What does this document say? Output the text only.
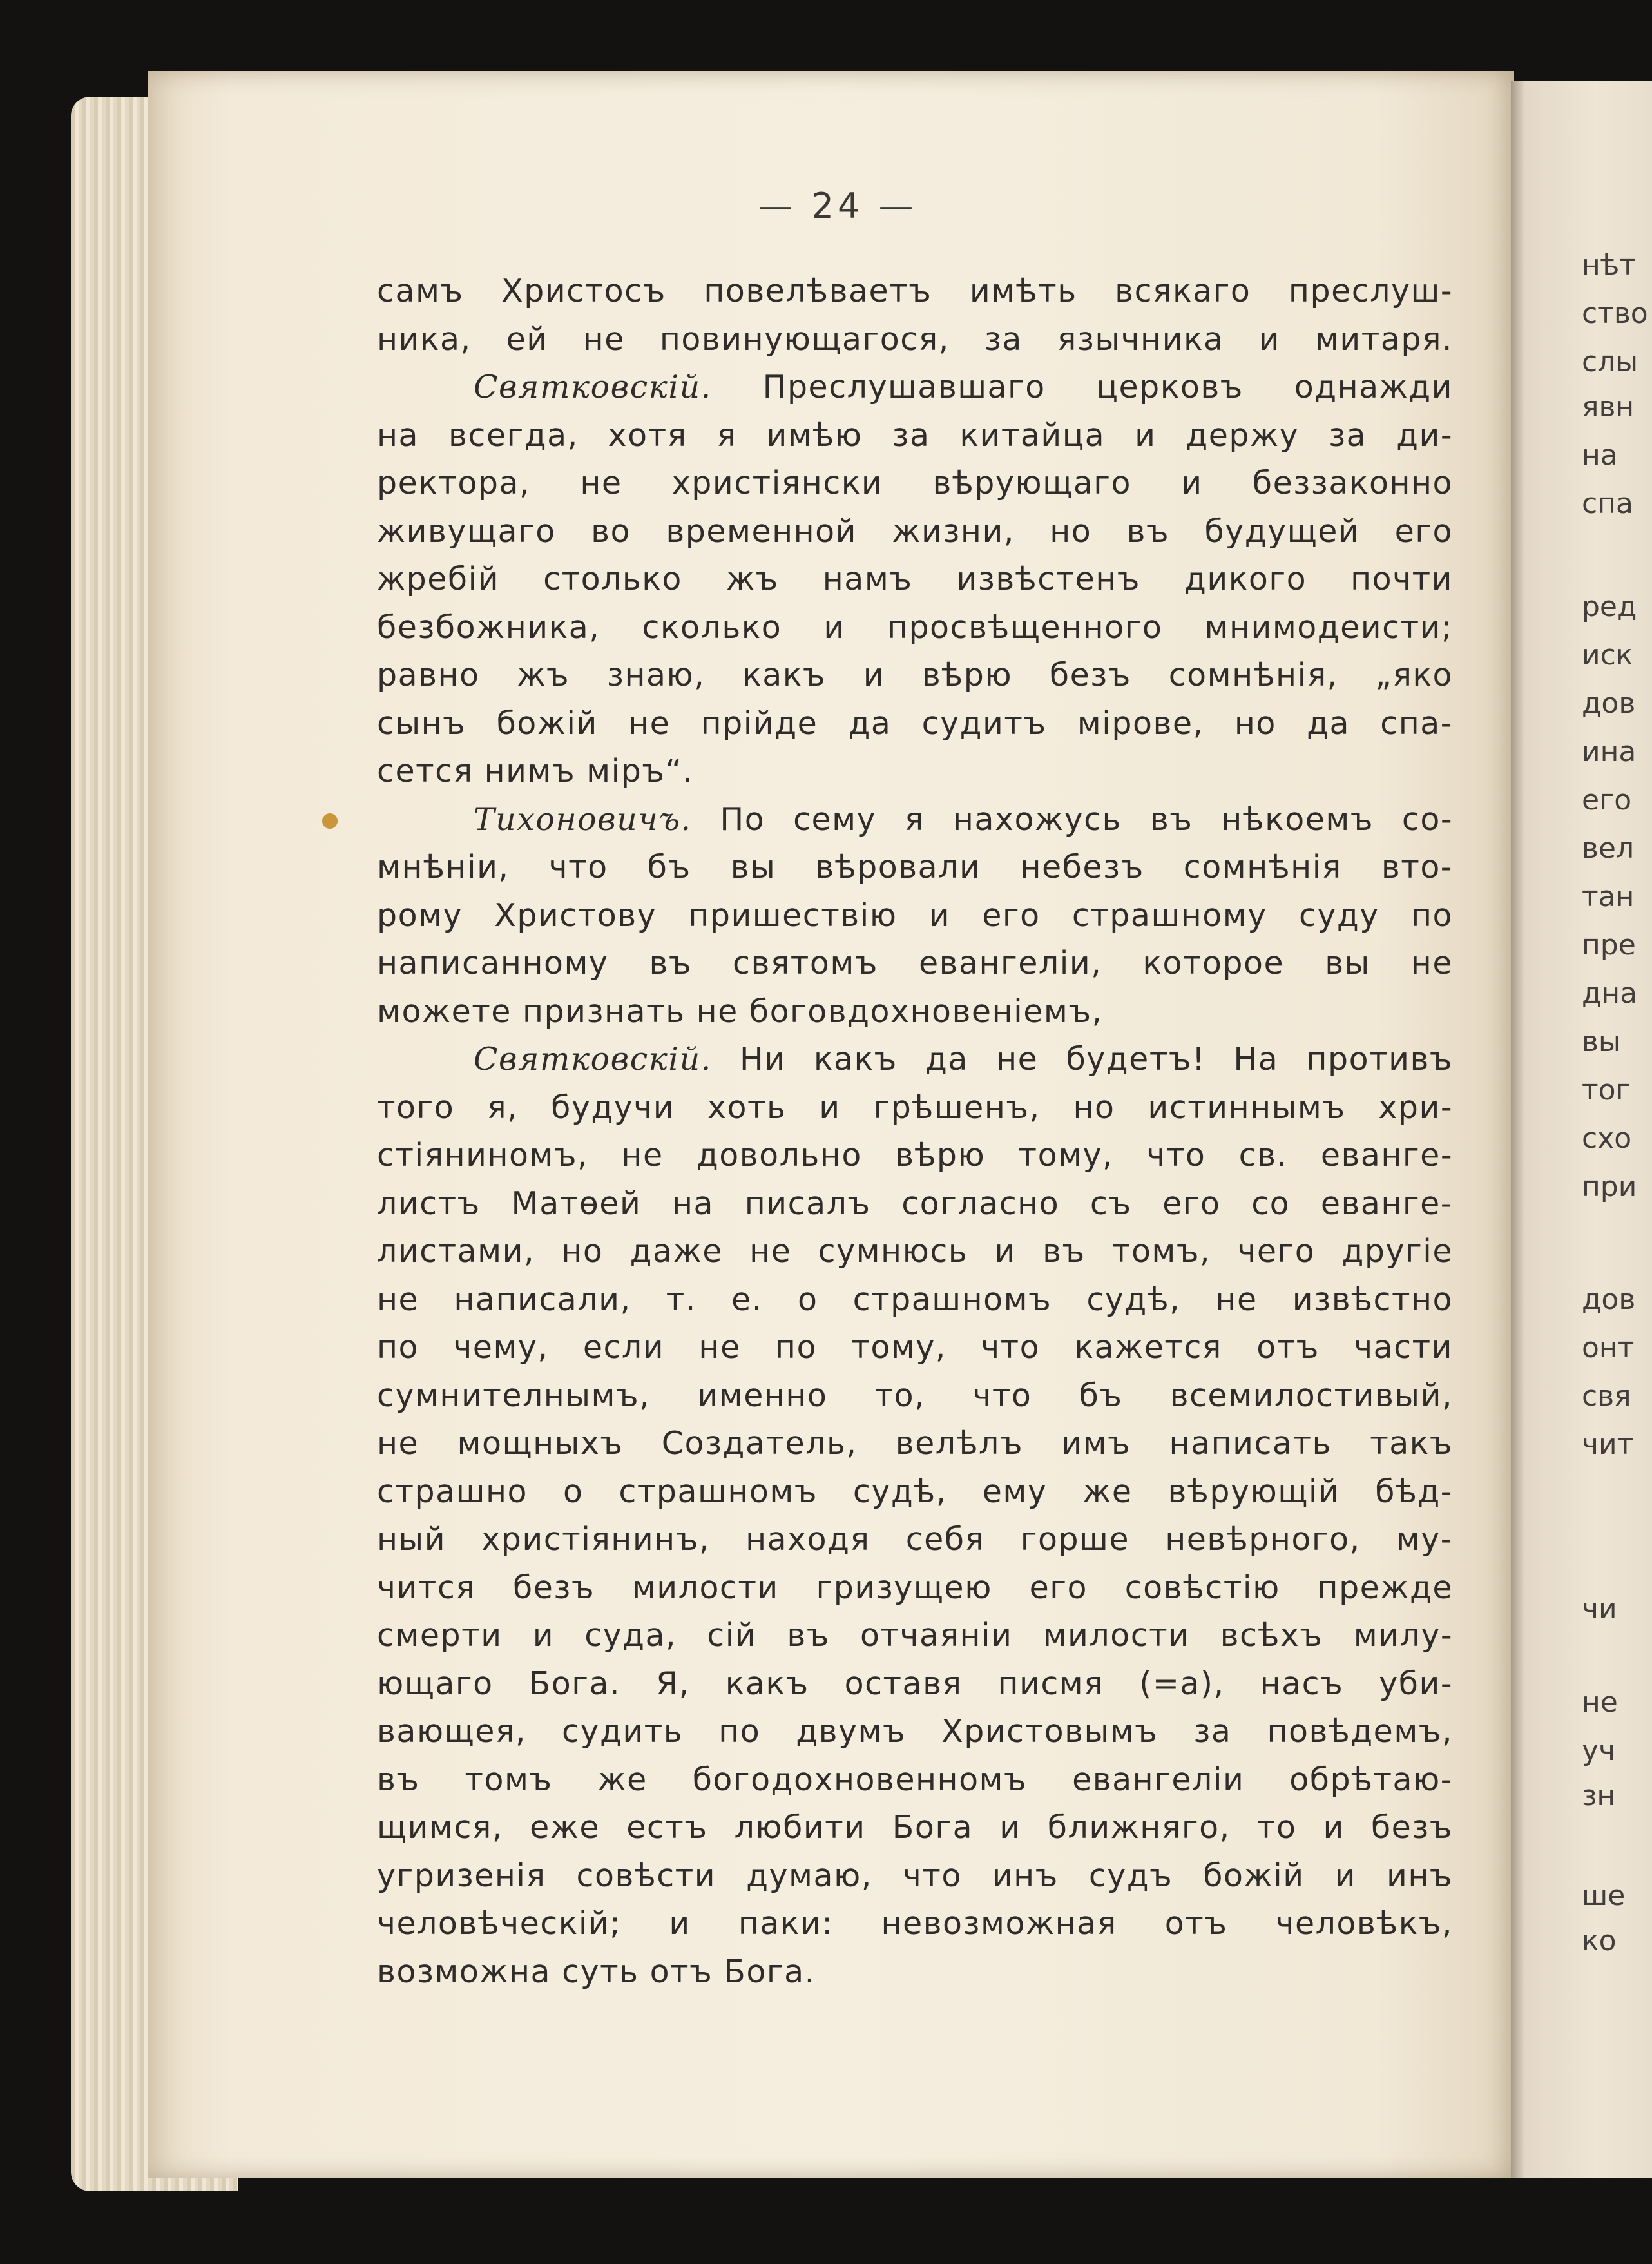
нѣт
ство
слы
явн
на
спа
ред
иск
дов
ина
его
вел
тан
пре
дна
вы
тог
схо
при
дов
онт
свя
чит
чи
не
уч
зн
ше
ко
— 24 —
самъ Христосъ повелѣваетъ имѣть всякаго преслуш-
ника, ей не повинующагося, за язычника и митаря.
Святковскій. Преслушавшаго церковъ однажди
на всегда, хотя я имѣю за китайца и держу за ди-
ректора, не христіянски вѣрующаго и беззаконно
живущаго во временной жизни, но въ будущей его
жребій столько жъ намъ извѣстенъ дикого почти
безбожника, сколько и просвѣщенного мнимодеисти;
равно жъ знаю, какъ и вѣрю безъ сомнѣнія, „яко
сынъ божій не прійде да судитъ мірове, но да спа-
сется нимъ міръ“.
Тихоновичъ. По сему я нахожусь въ нѣкоемъ со-
мнѣніи, что бъ вы вѣровали небезъ сомнѣнія вто-
рому Христову пришествію и его страшному суду по
написанному въ святомъ евангеліи, которое вы не
можете признать не боговдохновеніемъ,
Святковскій. Ни какъ да не будетъ! На противъ
того я, будучи хоть и грѣшенъ, но истиннымъ хри-
стіяниномъ, не довольно вѣрю тому, что св. еванге-
листъ Матѳей на писалъ согласно съ его со еванге-
листами, но даже не сумнюсь и въ томъ, чего другіе
не написали, т. е. о страшномъ судѣ, не извѣстно
по чему, если не по тому, что кажется отъ части
сумнителнымъ, именно то, что бъ всемилостивый,
не мощныхъ Создатель, велѣлъ имъ написать такъ
страшно о страшномъ судѣ, ему же вѣрующій бѣд-
ный христіянинъ, находя себя горше невѣрного, му-
чится безъ милости гризущею его совѣстію прежде
смерти и суда, сій въ отчаяніи милости всѣхъ милу-
ющаго Бога. Я, какъ оставя писмя (=а), насъ уби-
вающея, судить по двумъ Христовымъ за повѣдемъ,
въ томъ же богодохновенномъ евангеліи обрѣтаю-
щимся, еже естъ любити Бога и ближняго, то и безъ
угризенія совѣсти думаю, что инъ судъ божій и инъ
человѣческій; и паки: невозможная отъ человѣкъ,
возможна суть отъ Бога.
